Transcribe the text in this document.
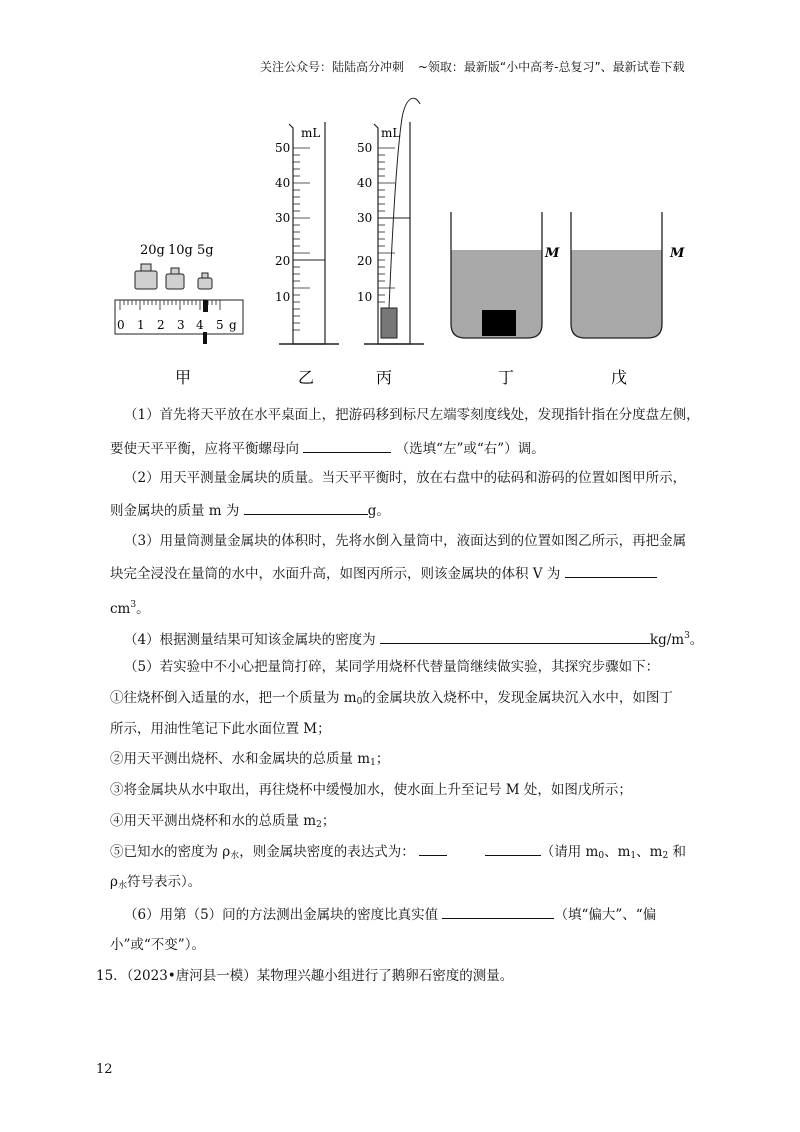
关注公众号：陆陆高分冲刺 ~领取：最新版“小中高考-总复习”、最新试卷下载
20g 10g 5g
0 1 2 3 4 5 g
mL
50
40
30
20
10
mL
50
40
30
20
10
M	M
甲	乙	丙	丁	戊
（1）首先将天平放在水平桌面上，把游码移到标尺左端零刻度线处，发现指针指在分度盘左侧，
要使天平平衡，应将平衡螺母向	（选填“左”或“右”）调。
（2）用天平测量金属块的质量。当天平平衡时，放在右盘中的砝码和游码的位置如图甲所示，
则金属块的质量 m 为	g。
（3）用量筒测量金属块的体积时，先将水倒入量筒中，液面达到的位置如图乙所示，再把金属
块完全浸没在量筒的水中，水面升高，如图丙所示，则该金属块的体积 V 为
$cm^3$。
（4）根据测量结果可知该金属块的密度为	$kg/m^3$。
（5）若实验中不小心把量筒打碎，某同学用烧杯代替量筒继续做实验，其探究步骤如下：
①往烧杯倒入适量的水，把一个质量为 $m_0$的金属块放入烧杯中，发现金属块沉入水中，如图丁
所示，用油性笔记下此水面位置 M；
②用天平测出烧杯、水和金属块的总质量 $m_1$；
③将金属块从水中取出，再往烧杯中缓慢加水，使水面上升至记号 M 处，如图戊所示；
④用天平测出烧杯和水的总质量 $m_2$；
⑤已知水的密度为 $\rho_水$，则金属块密度的表达式为：	（请用 $m_0$、$m_1$、$m_2$ 和
$\rho_水$符号表示）。
（6）用第（5）问的方法测出金属块的密度比真实值	（填“偏大”、“偏
小”或“不变”）。
15．（2023•唐河县一模）某物理兴趣小组进行了鹅卵石密度的测量。
12
